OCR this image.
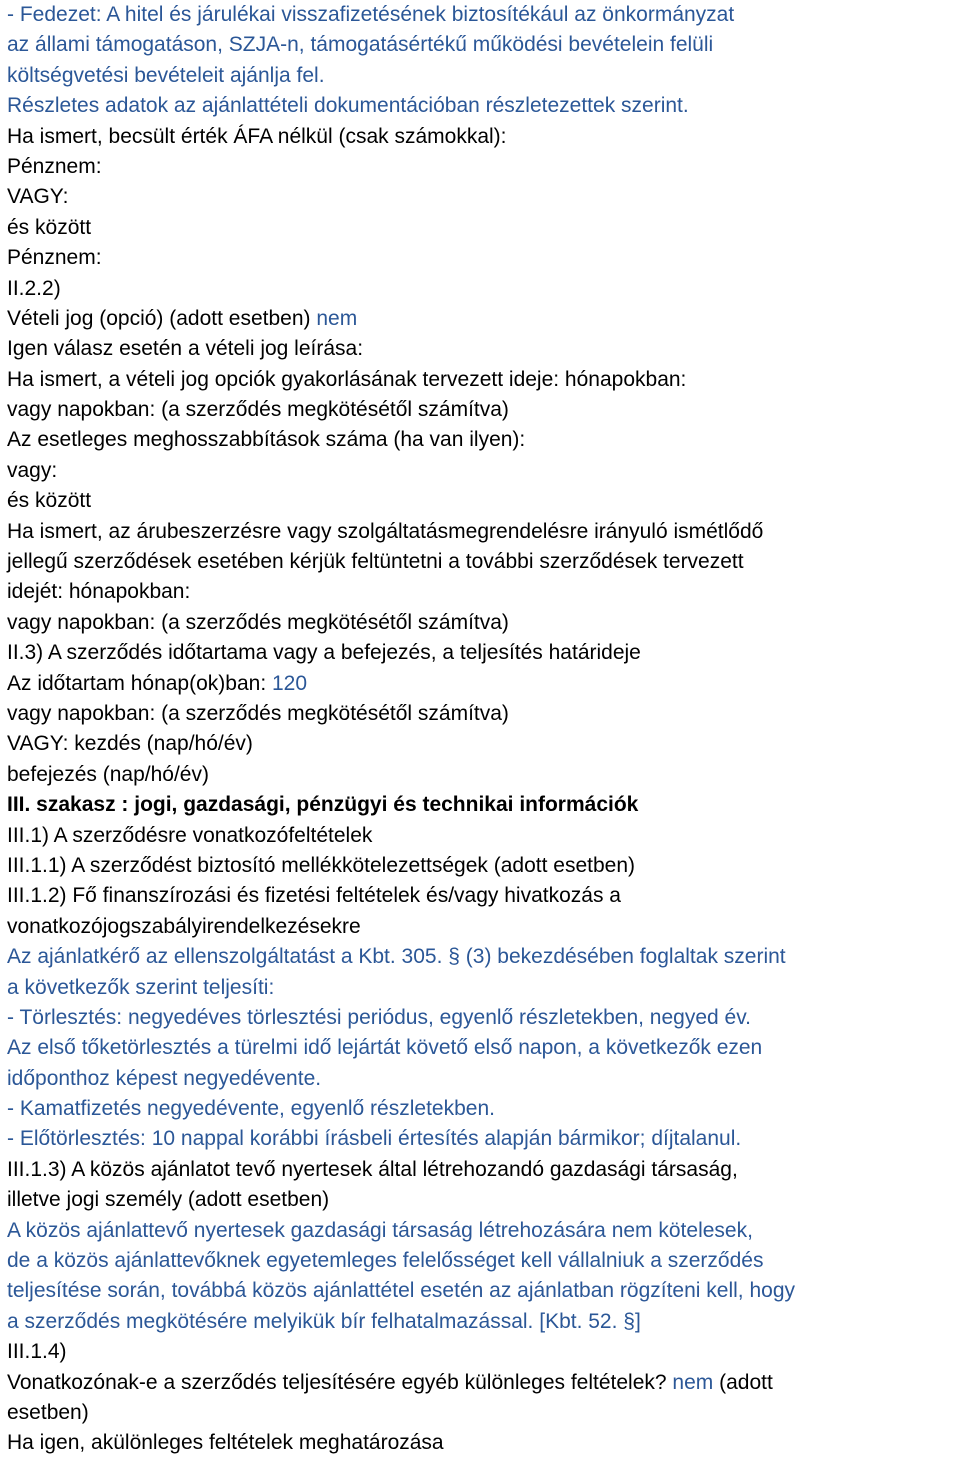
- Fedezet: A hitel és járulékai visszafizetésének biztosítékául az önkormányzat
az állami támogatáson, SZJA-n, támogatásértékű működési bevételein felüli
költségvetési bevételeit ajánlja fel.
Részletes adatok az ajánlattételi dokumentációban részletezettek szerint.
Ha ismert, becsült érték ÁFA nélkül (csak számokkal):
Pénznem:
VAGY:
és között
Pénznem:
II.2.2)
Vételi jog (opció) (adott esetben) nem
Igen válasz esetén a vételi jog leírása:
Ha ismert, a vételi jog opciók gyakorlásának tervezett ideje: hónapokban:
vagy napokban: (a szerződés megkötésétől számítva)
Az esetleges meghosszabbítások száma (ha van ilyen):
vagy:
és között
Ha ismert, az árubeszerzésre vagy szolgáltatásmegrendelésre irányuló ismétlődő
jellegű szerződések esetében kérjük feltüntetni a további szerződések tervezett
idejét: hónapokban:
vagy napokban: (a szerződés megkötésétől számítva)
II.3) A szerződés időtartama vagy a befejezés, a teljesítés határideje
Az időtartam hónap(ok)ban: 120
vagy napokban: (a szerződés megkötésétől számítva)
VAGY: kezdés (nap/hó/év)
befejezés (nap/hó/év)
III. szakasz : jogi, gazdasági, pénzügyi és technikai információk
III.1) A szerződésre vonatkozófeltételek
III.1.1) A szerződést biztosító mellékkötelezettségek (adott esetben)
III.1.2) Fő finanszírozási és fizetési feltételek és/vagy hivatkozás a
vonatkozójogszabályirendelkezésekre
Az ajánlatkérő az ellenszolgáltatást a Kbt. 305. § (3) bekezdésében foglaltak szerint
a következők szerint teljesíti:
- Törlesztés: negyedéves törlesztési periódus, egyenlő részletekben, negyed év.
Az első tőketörlesztés a türelmi idő lejártát követő első napon, a következők ezen
időponthoz képest negyedévente.
- Kamatfizetés negyedévente, egyenlő részletekben.
- Előtörlesztés: 10 nappal korábbi írásbeli értesítés alapján bármikor; díjtalanul.
III.1.3) A közös ajánlatot tevő nyertesek által létrehozandó gazdasági társaság,
illetve jogi személy (adott esetben)
A közös ajánlattevő nyertesek gazdasági társaság létrehozására nem kötelesek,
de a közös ajánlattevőknek egyetemleges felelősséget kell vállalniuk a szerződés
teljesítése során, továbbá közös ajánlattétel esetén az ajánlatban rögzíteni kell, hogy
a szerződés megkötésére melyikük bír felhatalmazással. [Kbt. 52. §]
III.1.4)
Vonatkozónak-e a szerződés teljesítésére egyéb különleges feltételek? nem (adott
esetben)
Ha igen, akülönleges feltételek meghatározása
